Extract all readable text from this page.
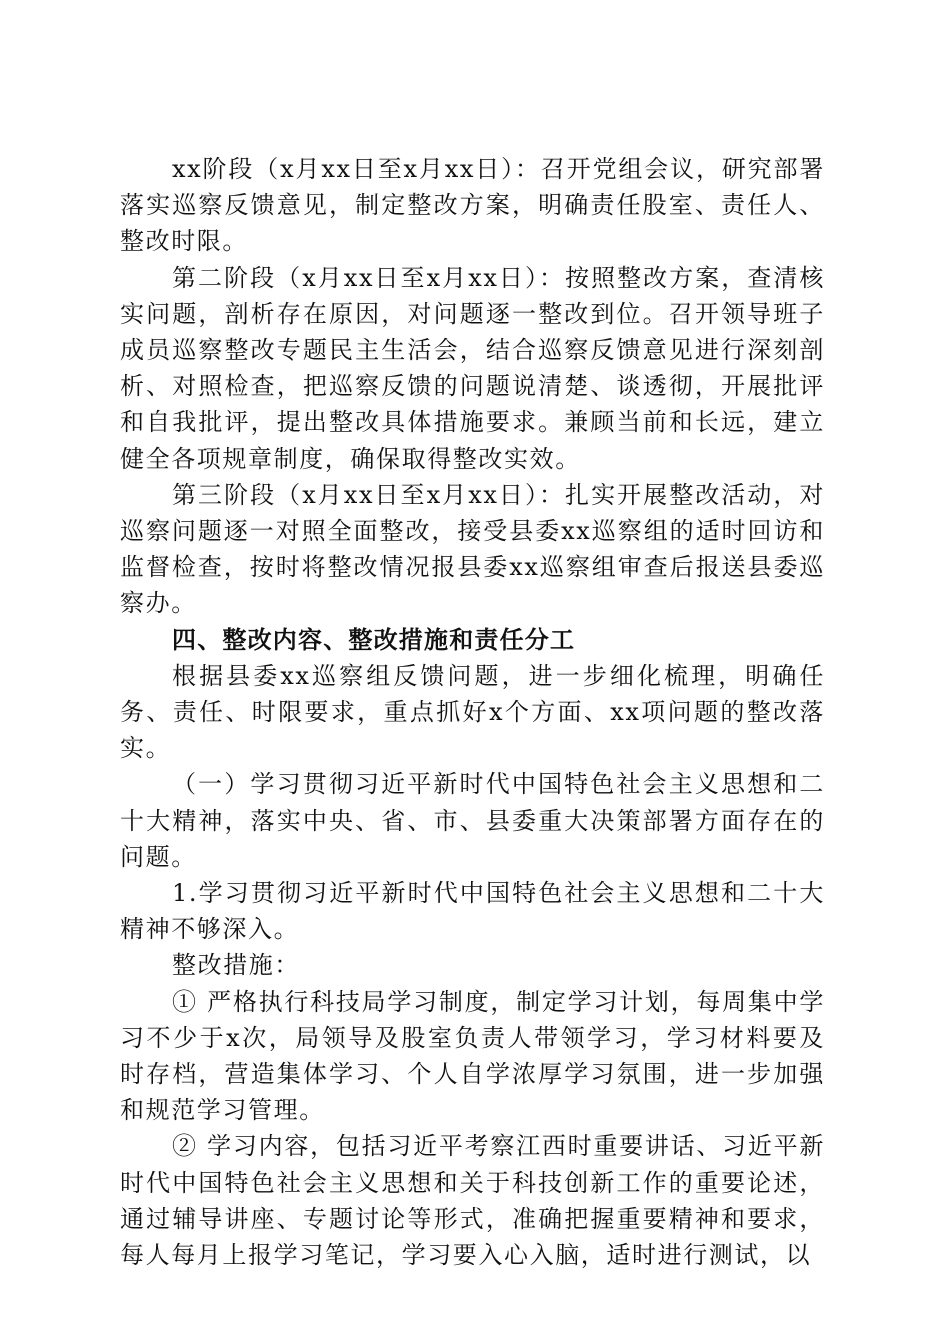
xx阶段（x月xx日至x月xx日）：召开党组会议，研究部署落实巡察反馈意见，制定整改方案，明确责任股室、责任人、整改时限。

第二阶段（x月xx日至x月xx日）：按照整改方案，查清核实问题，剖析存在原因，对问题逐一整改到位。召开领导班子成员巡察整改专题民主生活会，结合巡察反馈意见进行深刻剖析、对照检查，把巡察反馈的问题说清楚、谈透彻，开展批评和自我批评，提出整改具体措施要求。兼顾当前和长远，建立健全各项规章制度，确保取得整改实效。

第三阶段（x月xx日至x月xx日）：扎实开展整改活动，对巡察问题逐一对照全面整改，接受县委xx巡察组的适时回访和监督检查，按时将整改情况报县委xx巡察组审查后报送县委巡察办。

四、整改内容、整改措施和责任分工

根据县委xx巡察组反馈问题，进一步细化梳理，明确任务、责任、时限要求，重点抓好x个方面、xx项问题的整改落实。

（一）学习贯彻习近平新时代中国特色社会主义思想和二十大精神，落实中央、省、市、县委重大决策部署方面存在的问题。

1.学习贯彻习近平新时代中国特色社会主义思想和二十大精神不够深入。

整改措施：

① 严格执行科技局学习制度，制定学习计划，每周集中学习不少于x次，局领导及股室负责人带领学习，学习材料要及时存档，营造集体学习、个人自学浓厚学习氛围，进一步加强和规范学习管理。

② 学习内容，包括习近平考察江西时重要讲话、习近平新时代中国特色社会主义思想和关于科技创新工作的重要论述，通过辅导讲座、专题讨论等形式，准确把握重要精神和要求，每人每月上报学习笔记，学习要入心入脑，适时进行测试，以
